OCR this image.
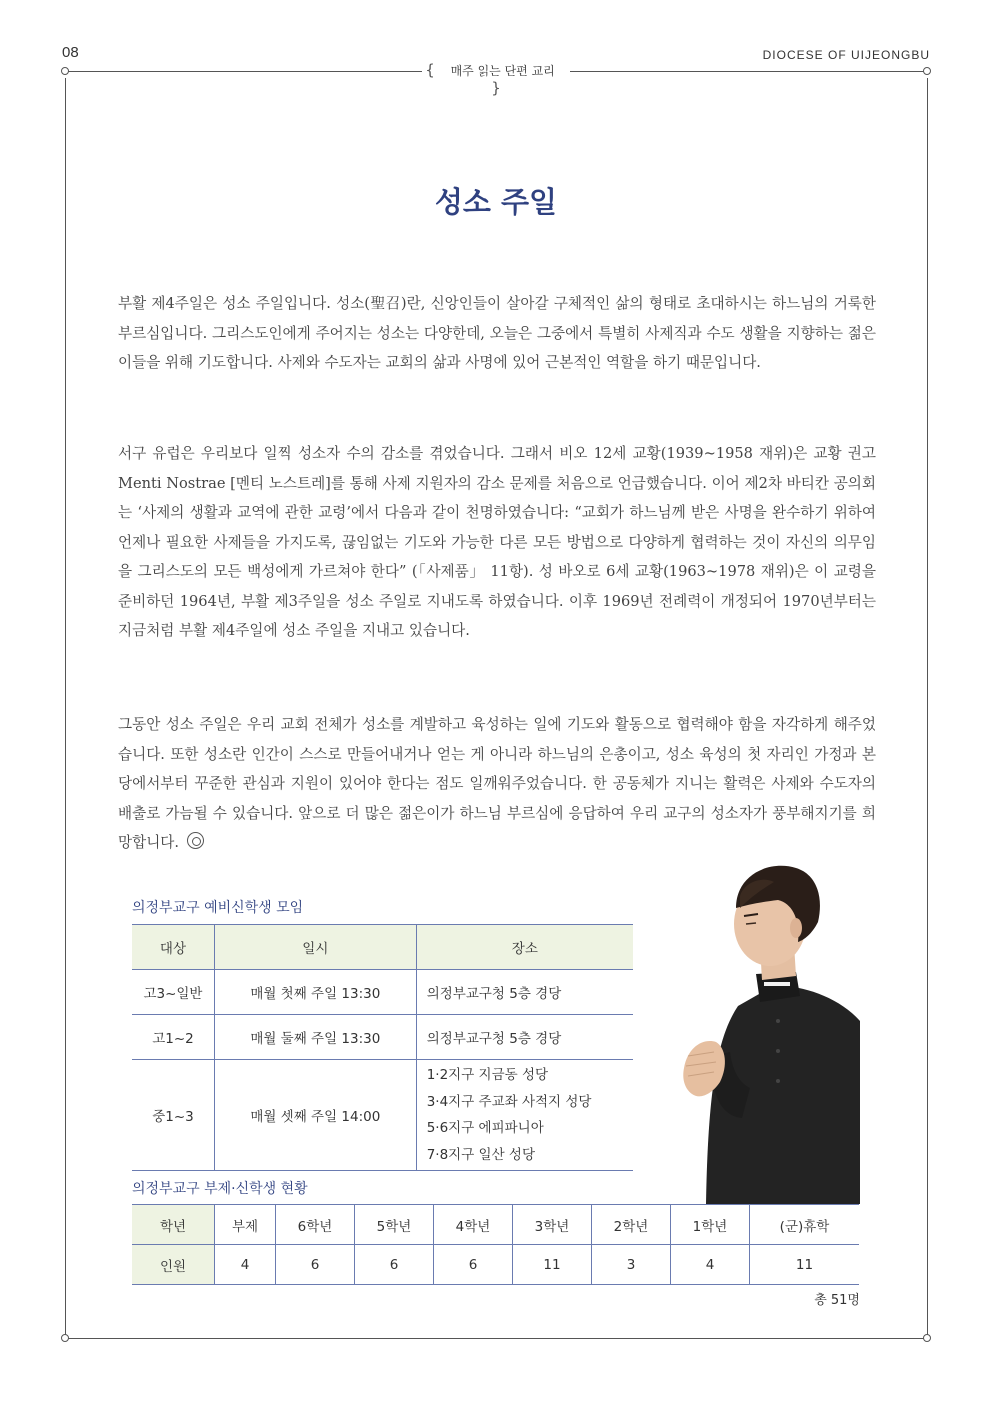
08	DIOCESE OF UIJEONGBU
{ 매주 읽는 단편 교리 }
성소 주일

부활 제4주일은 성소 주일입니다. 성소(聖召)란, 신앙인들이 살아갈 구체적인 삶의 형태로 초대하시는 하느님의 거룩한 부르심입니다. 그리스도인에게 주어지는 성소는 다양한데, 오늘은 그중에서 특별히 사제직과 수도 생활을 지향하는 젊은이들을 위해 기도합니다. 사제와 수도자는 교회의 삶과 사명에 있어 근본적인 역할을 하기 때문입니다.

서구 유럽은 우리보다 일찍 성소자 수의 감소를 겪었습니다. 그래서 비오 12세 교황(1939~1958 재위)은 교황 권고 Menti Nostrae [멘티 노스트레]를 통해 사제 지원자의 감소 문제를 처음으로 언급했습니다. 이어 제2차 바티칸 공의회는 ‘사제의 생활과 교역에 관한 교령’에서 다음과 같이 천명하였습니다: “교회가 하느님께 받은 사명을 완수하기 위하여 언제나 필요한 사제들을 가지도록, 끊임없는 기도와 가능한 다른 모든 방법으로 다양하게 협력하는 것이 자신의 의무임을 그리스도의 모든 백성에게 가르쳐야 한다” (「사제품」 11항). 성 바오로 6세 교황(1963~1978 재위)은 이 교령을 준비하던 1964년, 부활 제3주일을 성소 주일로 지내도록 하였습니다. 이후 1969년 전례력이 개정되어 1970년부터는 지금처럼 부활 제4주일에 성소 주일을 지내고 있습니다.

그동안 성소 주일은 우리 교회 전체가 성소를 계발하고 육성하는 일에 기도와 활동으로 협력해야 함을 자각하게 해주었습니다. 또한 성소란 인간이 스스로 만들어내거나 얻는 게 아니라 하느님의 은총이고, 성소 육성의 첫 자리인 가정과 본당에서부터 꾸준한 관심과 지원이 있어야 한다는 점도 일깨워주었습니다. 한 공동체가 지니는 활력은 사제와 수도자의 배출로 가늠될 수 있습니다. 앞으로 더 많은 젊은이가 하느님 부르심에 응답하여 우리 교구의 성소자가 풍부해지기를 희망합니다.

의정부교구 예비신학생 모임
대상	일시	장소
고3~일반	매월 첫째 주일 13:30	의정부교구청 5층 경당
고1~2	매월 둘째 주일 13:30	의정부교구청 5층 경당
중1~3	매월 셋째 주일 14:00	1·2지구 지금동 성당
3·4지구 주교좌 사적지 성당
5·6지구 에피파니아
7·8지구 일산 성당
의정부교구 부제·신학생 현황
학년	부제	6학년	5학년	4학년	3학년	2학년	1학년	(군)휴학
인원	4	6	6	6	11	3	4	11
총 51명
